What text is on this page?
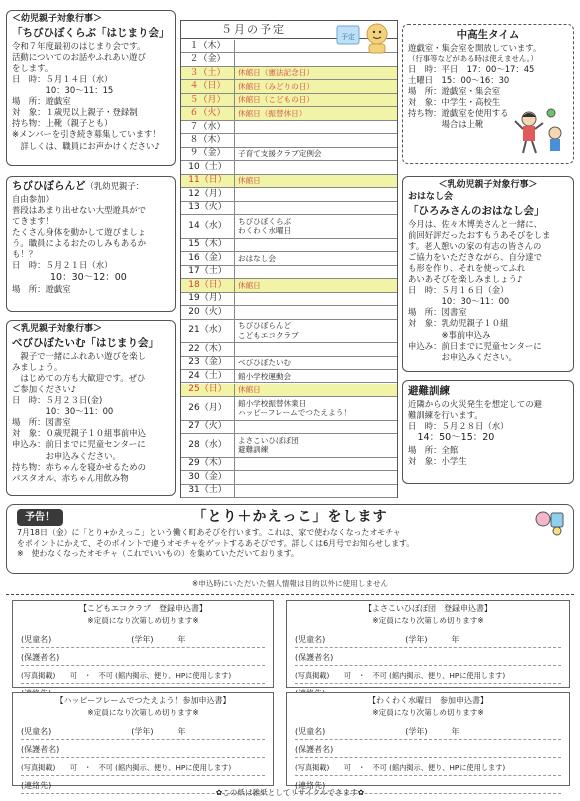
＜幼児親子対象行事＞
「ちびひぼくらぶ「はじまり会」
令和７年度最初のはじまり会です。
活動についてのお話やふれあい遊び
をします。
日　時：５月１４日（水）
　　　　10：30〜11：15
場　所：遊戯室
対　象：１歳児以上親子・登録制
持ち物：上靴（親子とも）
※メンバーを引き続き募集しています！
　詳しくは、職員にお声かけください♪
ちびひぼらんど（乳幼児親子：
自由参加）
普段はあまり出せない大型遊具がで
てきます！
たくさん身体を動かして遊びましょ
う。職員によるおたのしみもあるか
も！？
日　時：５月２１日（水）
　　　　10：30〜12：00
場　所：遊戯室
＜乳児親子対象行事＞
べびひぼたいむ「はじまり会」
　親子で一緒にふれあい遊びを楽し
みましょう。
　はじめての方も大歓迎です。ぜひ
ご参加ください♪
日　時：５月２３日(金)
　　　　10：30〜11：00
場　所：図書室
対　象：０歳児親子１０組事前申込
申込み：前日までに児童センターに
　　　　お申込みください。
持ち物：赤ちゃんを寝かせるための
パスタオル、赤ちゃん用飲み物
５月の予定
１（木）
２（金）
３（土） 休館日（憲法記念日）
４（日） 休館日（みどりの日）
５（月） 休館日（こどもの日）
６（火） 休館日（振替休日）
７（水）
８（木）
９（金） 子育て支援クラブ定例会
10（土）
11（日） 休館日
12（月）
13（火）
14（水） ちびひぼくらぶ
わくわく水曜日
15（木）
16（金） おはなし会
17（土）
18（日） 休館日
19（月）
20（火）
21（水） ちびひぼらんど
こどもエコクラブ
22（木）
23（金） べびひぼたいむ
24（土） 館小学校運動会
25（日） 休館日
26（月） 館小学校振替休業日
ハッピーフレームでつたえよう！
27（火）
28（水） よさこいひぼぼ団
避難訓練
29（木）
30（金）
31（土）
予定	中高生タイム
遊戯室・集会室を開放しています。
（行事等などがある時は使えません。）
日　時：平日　17：00〜17：45
土曜日　15：00〜16：30
場　所：遊戯室・集会室
対　象：中学生・高校生
持ち物：遊戯室を使用する
　　　　場合は上靴
＜乳幼児親子対象行事＞
おはなし会
「ひろみさんのおはなし会」
今月は、佐々木博美さんと一緒に、
前回好評だったおすもうあそびをしま
す。老人憩いの家の有志の皆さんの
ご協力をいただきながら、自分達で
も形を作り、それを使ってふれ
あいあそびを楽しみましょう♪
日　時：５月１６日（金）
　　　　10：30〜11：00
場　所：図書室
対　象：乳幼児親子１０組
　　　　※事前申込み
申込み：前日までに児童センターに
　　　　お申込みください。
避難訓練
近隣からの火災発生を想定しての避
難訓練を行います。
日　時：５月２８日（水）
　14：50〜15：20
場　所：全館
対　象：小学生
予告！	「とり＋かえっこ」をします
7月18日（金）に「とり+かえっこ」という働く町あそびを行います。これは、家で使わなくなったオモチャ
をポイントにかえて、そのポイントで違うオモチャをゲットするあそびです。詳しくは6月号でお知らせします。
※　使わなくなったオモチャ（これでいいもの）を集めていただいております。
※申込時にいただいた個人情報は目的以外に使用しません
【こどもエコクラブ　登録申込書】
※定員になり次第しめ切ります※
(児童名)　　　　　　　　　　(学年)　　　年
(保護者名)
(写真掲載)　　可　・　不可 (館内掲示、便り、HPに使用します)
【よさこいひぼぼ団　登録申込書】
※定員になり次第しめ切ります※
(児童名)　　　　　　　　　　(学年)　　　年
(保護者名)
(写真掲載)　　可　・　不可 (館内掲示、便り、HPに使用します)
【ハッピーフレームでつたえよう！参加申込書】
※定員になり次第しめ切ります※
(児童名)　　　　　　　　　　(学年)　　　年
(保護者名)
(写真掲載)　　可　・　不可 (館内掲示、便り、HPに使用します)
(連絡先)
【わくわく水曜日　参加申込書】
※定員になり次第しめ切ります※
(児童名)　　　　　　　　　　(学年)　　　年
(保護者名)
(写真掲載)　　可　・　不可 (館内掲示、便り、HPに使用します)
(連絡先)
✿この紙は雑紙としてリサイクルできます✿
